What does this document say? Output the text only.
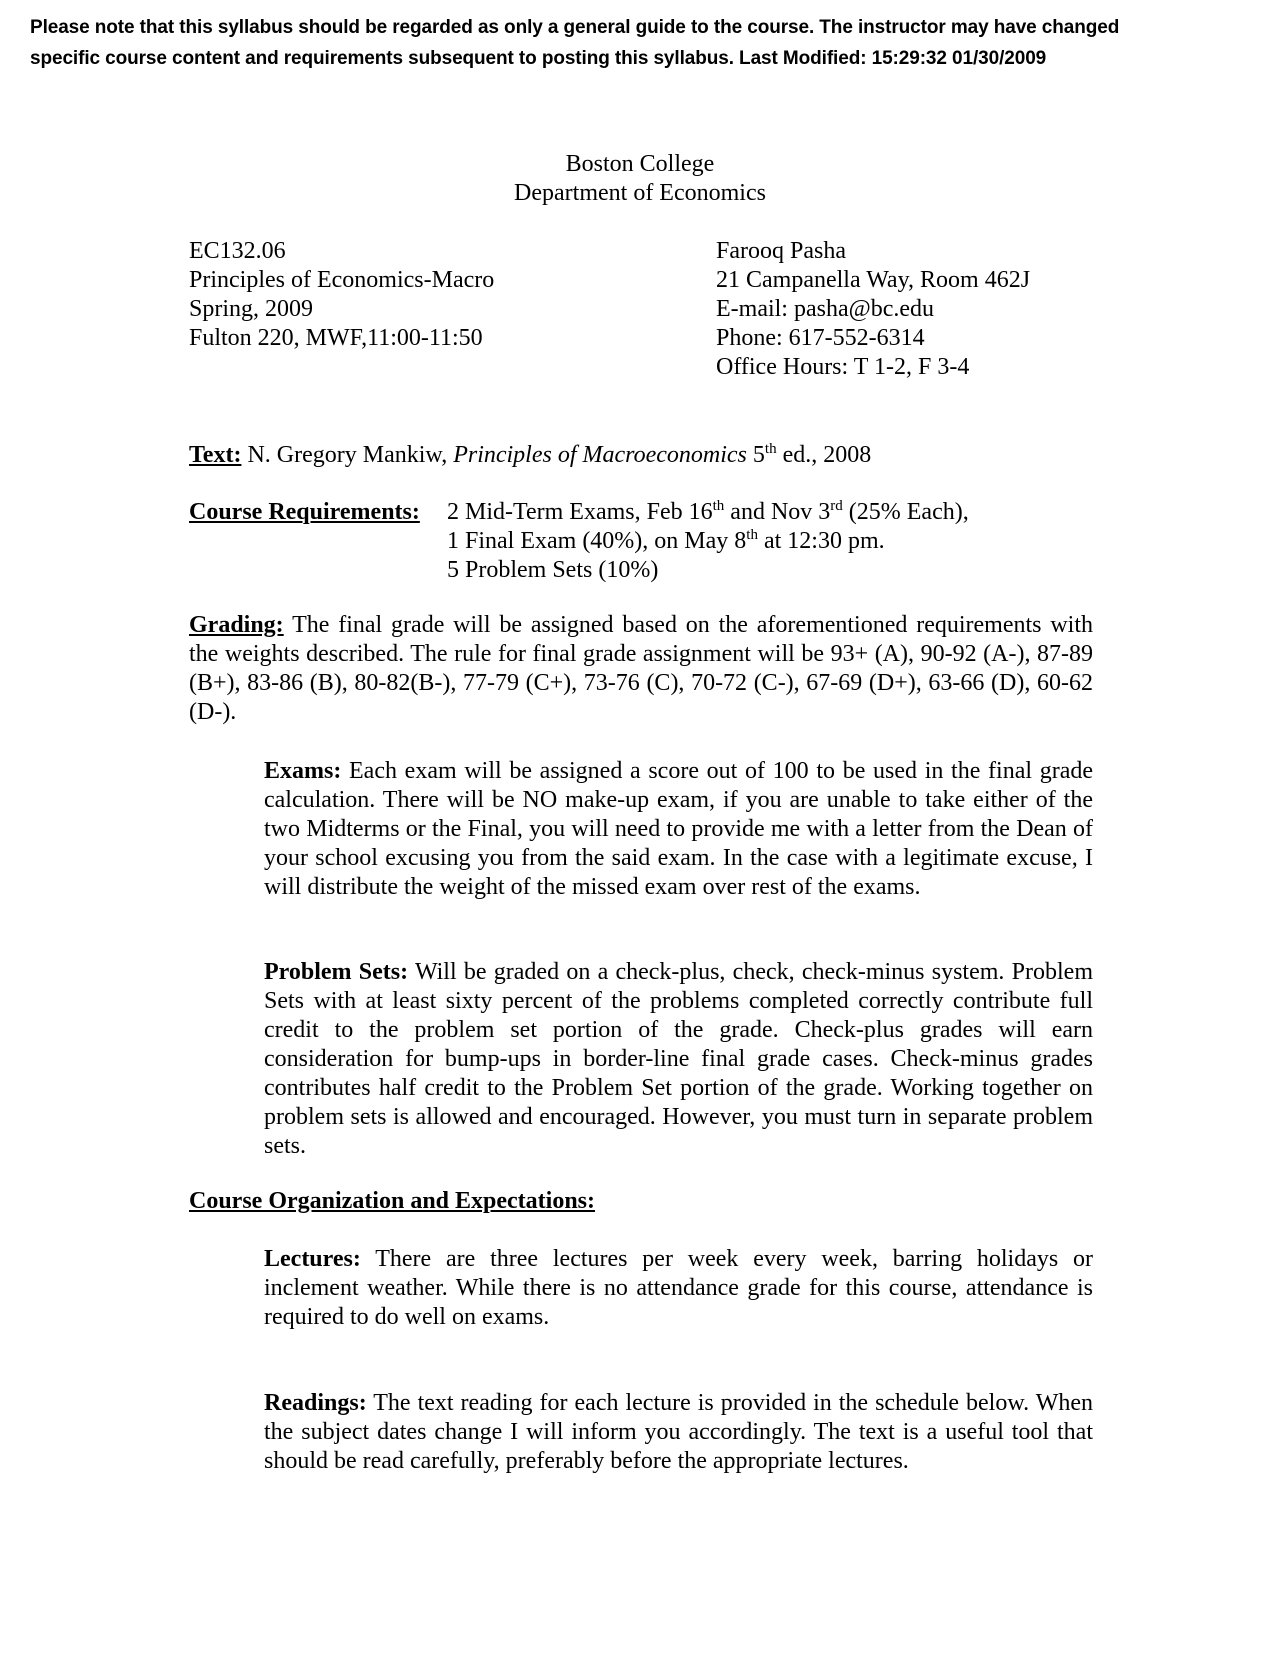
Please note that this syllabus should be regarded as only a general guide to the course. The instructor may have changed
specific course content and requirements subsequent to posting this syllabus. Last Modified: 15:29:32 01/30/2009
Boston College
Department of Economics
EC132.06
Principles of Economics-Macro
Spring, 2009
Fulton 220, MWF,11:00-11:50
Farooq Pasha
21 Campanella Way, Room 462J
E-mail: pasha@bc.edu
Phone: 617-552-6314
Office Hours: T 1-2, F 3-4
Text: N. Gregory Mankiw, Principles of Macroeconomics 5th ed., 2008
Course Requirements: 2 Mid-Term Exams, Feb 16th and Nov 3rd (25% Each),
1 Final Exam (40%), on May 8th at 12:30 pm.
5 Problem Sets (10%)
Grading: The final grade will be assigned based on the aforementioned requirements with the weights described. The rule for final grade assignment will be 93+ (A), 90-92 (A-), 87-89 (B+), 83-86 (B), 80-82(B-), 77-79 (C+), 73-76 (C), 70-72 (C-), 67-69 (D+), 63-66 (D), 60-62 (D-).
Exams: Each exam will be assigned a score out of 100 to be used in the final grade calculation. There will be NO make-up exam, if you are unable to take either of the two Midterms or the Final, you will need to provide me with a letter from the Dean of your school excusing you from the said exam. In the case with a legitimate excuse, I will distribute the weight of the missed exam over rest of the exams.
Problem Sets: Will be graded on a check-plus, check, check-minus system. Problem Sets with at least sixty percent of the problems completed correctly contribute full credit to the problem set portion of the grade. Check-plus grades will earn consideration for bump-ups in border-line final grade cases. Check-minus grades contributes half credit to the Problem Set portion of the grade. Working together on problem sets is allowed and encouraged. However, you must turn in separate problem sets.
Course Organization and Expectations:
Lectures: There are three lectures per week every week, barring holidays or inclement weather. While there is no attendance grade for this course, attendance is required to do well on exams.
Readings: The text reading for each lecture is provided in the schedule below. When the subject dates change I will inform you accordingly. The text is a useful tool that should be read carefully, preferably before the appropriate lectures.
